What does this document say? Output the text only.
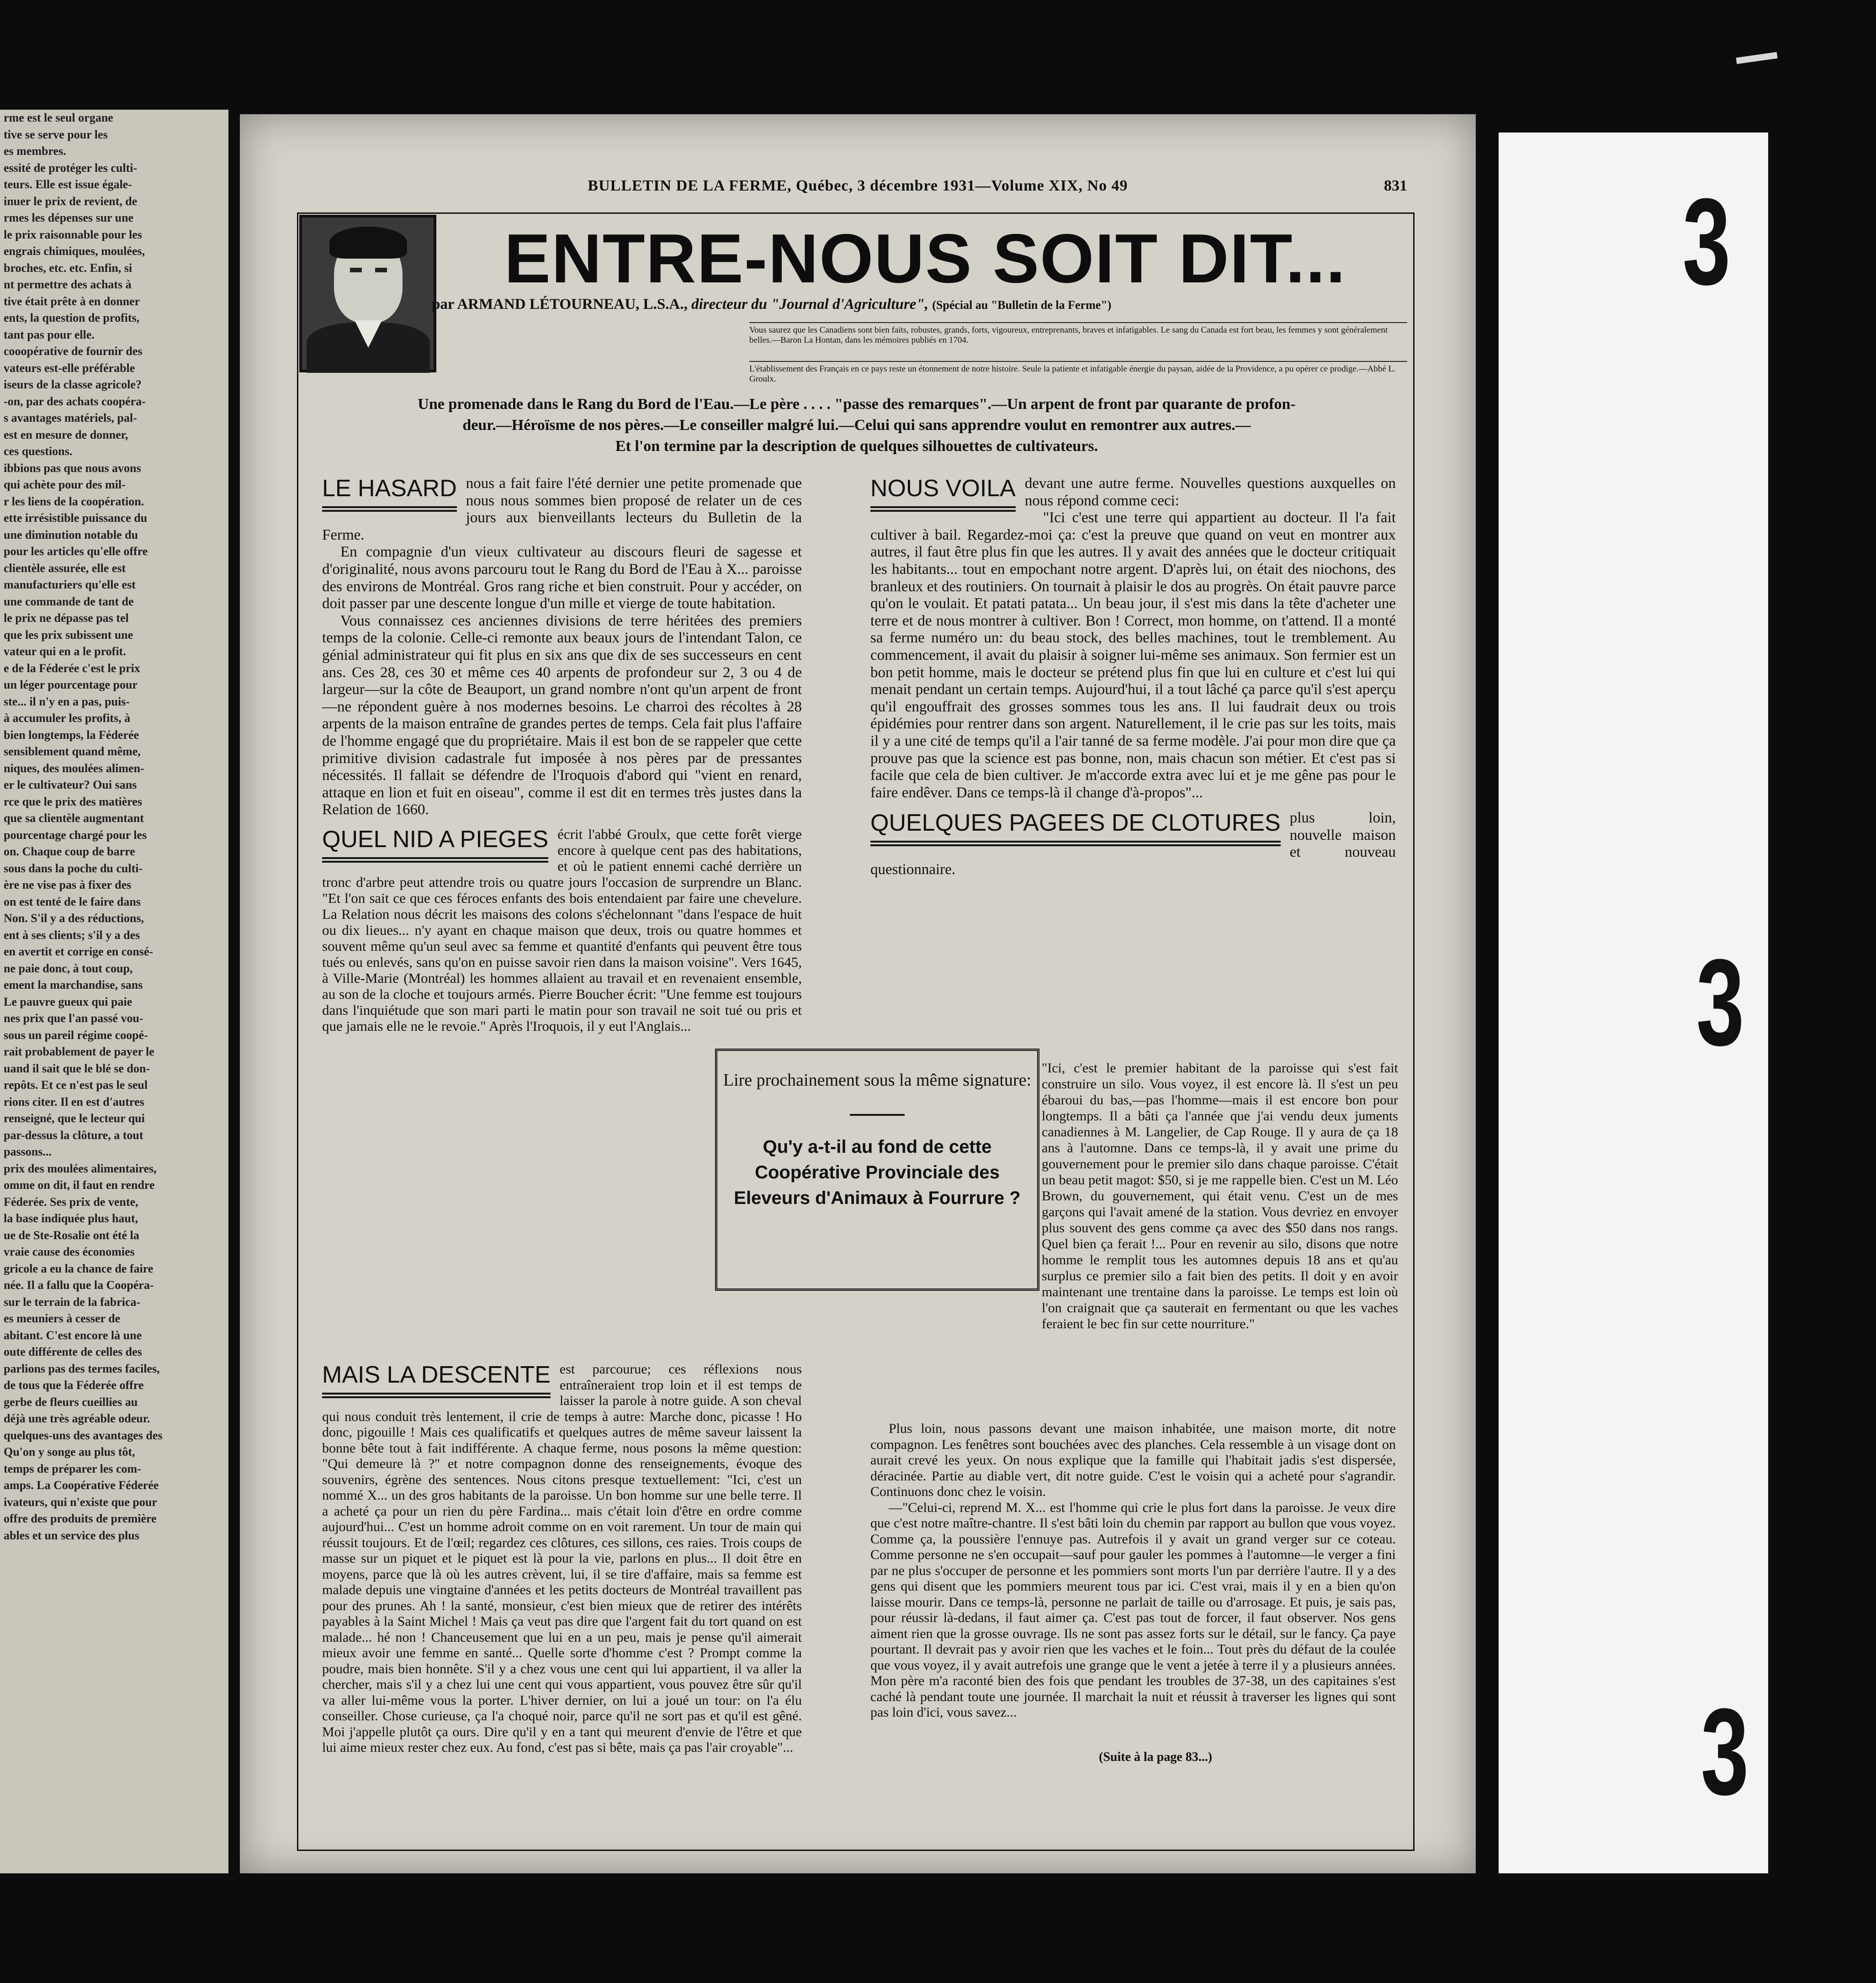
rme est le seul organe

tive se serve pour les

es membres.

essité de protéger les culti-

teurs. Elle est issue égale-

inuer le prix de revient, de

rmes les dépenses sur une

le prix raisonnable pour les

engrais chimiques, moulées,

broches, etc. etc. Enfin, si

nt permettre des achats à

tive était prête à en donner

ents, la question de profits,

tant pas pour elle.

cooopérative de fournir des

vateurs est-elle préférable

iseurs de la classe agricole?

-on, par des achats coopéra-

s avantages matériels, pal-

est en mesure de donner,

ces questions.

ibbions pas que nous avons

qui achète pour des mil-

r les liens de la coopération.

ette irrésistible puissance du

une diminution notable du

pour les articles qu'elle offre

clientèle assurée, elle est

manufacturiers qu'elle est

une commande de tant de

le prix ne dépasse pas tel

que les prix subissent une

vateur qui en a le profit.

e de la Féderée c'est le prix

un léger pourcentage pour

ste... il n'y en a pas, puis-

à accumuler les profits, à

bien longtemps, la Féderée

sensiblement quand même,

niques, des moulées alimen-

er le cultivateur? Oui sans

rce que le prix des matières

que sa clientèle augmentant

pourcentage chargé pour les

on. Chaque coup de barre

sous dans la poche du culti-

ère ne vise pas à fixer des

on est tenté de le faire dans

Non. S'il y a des réductions,

ent à ses clients; s'il y a des

en avertit et corrige en consé-

ne paie donc, à tout coup,

ement la marchandise, sans

Le pauvre gueux qui paie

nes prix que l'an passé vou-

sous un pareil régime coopé-

rait probablement de payer le

uand il sait que le blé se don-

repôts. Et ce n'est pas le seul

rions citer. Il en est d'autres

renseigné, que le lecteur qui

par-dessus la clôture, a tout

passons...

prix des moulées alimentaires,

omme on dit, il faut en rendre

Féderée. Ses prix de vente,

la base indiquée plus haut,

ue de Ste-Rosalie ont été la

vraie cause des économies

gricole a eu la chance de faire

née. Il a fallu que la Coopéra-

sur le terrain de la fabrica-

es meuniers à cesser de

abitant. C'est encore là une

oute différente de celles des

parlions pas des termes faciles,

de tous que la Féderée offre

gerbe de fleurs cueillies au

déjà une très agréable odeur.

quelques-uns des avantages des

Qu'on y songe au plus tôt,

temps de préparer les com-

amps. La Coopérative Féderée

ivateurs, qui n'existe que pour

offre des produits de première

ables et un service des plus

BULLETIN DE LA FERME, Québec, 3 décembre 1931—Volume XIX, No 49	831
ENTRE-NOUS SOIT DIT...
par ARMAND LÉTOURNEAU, L.S.A., directeur du "Journal d'Agriculture", (Spécial au "Bulletin de la Ferme")
Vous saurez que les Canadiens sont bien faits, robustes, grands, forts, vigoureux, entreprenants, braves et infatigables. Le sang du Canada est fort beau, les femmes y sont généralement belles.—Baron La Hontan, dans les mémoires publiés en 1704.
L'établissement des Français en ce pays reste un étonnement de notre histoire. Seule la patiente et infatigable énergie du paysan, aidée de la Providence, a pu opérer ce prodige.—Abbé L. Groulx.
Une promenade dans le Rang du Bord de l'Eau.—Le père . . . . "passe des remarques".—Un arpent de front par quarante de profon-
deur.—Héroïsme de nos pères.—Le conseiller malgré lui.—Celui qui sans apprendre voulut en remontrer aux autres.—
Et l'on termine par la description de quelques silhouettes de cultivateurs.
LE HASARD nous a fait faire l'été dernier une petite promenade que nous nous sommes bien proposé de relater un de ces jours aux bienveillants lecteurs du Bulletin de la Ferme.

En compagnie d'un vieux cultivateur au discours fleuri de sagesse et d'originalité, nous avons parcouru tout le Rang du Bord de l'Eau à X... paroisse des environs de Montréal. Gros rang riche et bien construit. Pour y accéder, on doit passer par une descente longue d'un mille et vierge de toute habitation.

Vous connaissez ces anciennes divisions de terre héritées des premiers temps de la colonie. Celle-ci remonte aux beaux jours de l'intendant Talon, ce génial administrateur qui fit plus en six ans que dix de ses successeurs en cent ans. Ces 28, ces 30 et même ces 40 arpents de profondeur sur 2, 3 ou 4 de largeur—sur la côte de Beauport, un grand nombre n'ont qu'un arpent de front—ne répondent guère à nos modernes besoins. Le charroi des récoltes à 28 arpents de la maison entraîne de grandes pertes de temps. Cela fait plus l'affaire de l'homme engagé que du propriétaire. Mais il est bon de se rappeler que cette primitive division cadastrale fut imposée à nos pères par de pressantes nécessités. Il fallait se défendre de l'Iroquois d'abord qui "vient en renard, attaque en lion et fuit en oiseau", comme il est dit en termes très justes dans la Relation de 1660.

QUEL NID A PIEGES écrit l'abbé Groulx, que cette forêt vierge encore à quelque cent pas des habitations, et où le patient ennemi caché derrière un tronc d'arbre peut attendre trois ou quatre jours l'occasion de surprendre un Blanc. "Et l'on sait ce que ces féroces enfants des bois entendaient par faire une chevelure. La Relation nous décrit les maisons des colons s'échelonnant "dans l'espace de huit ou dix lieues... n'y ayant en chaque maison que deux, trois ou quatre hommes et souvent même qu'un seul avec sa femme et quantité d'enfants qui peuvent être tous tués ou enlevés, sans qu'on en puisse savoir rien dans la maison voisine". Vers 1645, à Ville-Marie (Montréal) les hommes allaient au travail et en revenaient ensemble, au son de la cloche et toujours armés. Pierre Boucher écrit: "Une femme est toujours dans l'inquiétude que son mari parti le matin pour son travail ne soit tué ou pris et que jamais elle ne le revoie." Après l'Iroquois, il y eut l'Anglais...

NOUS VOILA devant une autre ferme. Nouvelles questions auxquelles on nous répond comme ceci:

"Ici c'est une terre qui appartient au docteur. Il l'a fait cultiver à bail. Regardez-moi ça: c'est la preuve que quand on veut en montrer aux autres, il faut être plus fin que les autres. Il y avait des années que le docteur critiquait les habitants... tout en empochant notre argent. D'après lui, on était des niochons, des branleux et des routiniers. On tournait à plaisir le dos au progrès. On était pauvre parce qu'on le voulait. Et patati patata... Un beau jour, il s'est mis dans la tête d'acheter une terre et de nous montrer à cultiver. Bon ! Correct, mon homme, on t'attend. Il a monté sa ferme numéro un: du beau stock, des belles machines, tout le tremblement. Au commencement, il avait du plaisir à soigner lui-même ses animaux. Son fermier est un bon petit homme, mais le docteur se prétend plus fin que lui en culture et c'est lui qui menait pendant un certain temps. Aujourd'hui, il a tout lâché ça parce qu'il s'est aperçu qu'il engouffrait des grosses sommes tous les ans. Il lui faudrait deux ou trois épidémies pour rentrer dans son argent. Naturellement, il le crie pas sur les toits, mais il y a une cité de temps qu'il a l'air tanné de sa ferme modèle. J'ai pour mon dire que ça prouve pas que la science est pas bonne, non, mais chacun son métier. Et c'est pas si facile que cela de bien cultiver. Je m'accorde extra avec lui et je me gêne pas pour le faire endêver. Dans ce temps-là il change d'à-propos"...

QUELQUES PAGEES DE CLOTURES plus loin, nouvelle maison et nouveau questionnaire.

Lire prochainement sous la même signature:
Qu'y a-t-il au fond de cette Coopérative Provinciale des Eleveurs d'Animaux à Fourrure ?
MAIS LA DESCENTE est parcourue; ces réflexions nous entraîneraient trop loin et il est temps de laisser la parole à notre guide. A son cheval qui nous conduit très lentement, il crie de temps à autre: Marche donc, picasse ! Ho donc, pigouille ! Mais ces qualificatifs et quelques autres de même saveur laissent la bonne bête tout à fait indifférente. A chaque ferme, nous posons la même question: "Qui demeure là ?" et notre compagnon donne des renseignements, évoque des souvenirs, égrène des sentences. Nous citons presque textuellement: "Ici, c'est un nommé X... un des gros habitants de la paroisse. Un bon homme sur une belle terre. Il a acheté ça pour un rien du père Fardina... mais c'était loin d'être en ordre comme aujourd'hui... C'est un homme adroit comme on en voit rarement. Un tour de main qui réussit toujours. Et de l'œil; regardez ces clôtures, ces sillons, ces raies. Trois coups de masse sur un piquet et le piquet est là pour la vie, parlons en plus... Il doit être en moyens, parce que là où les autres crèvent, lui, il se tire d'affaire, mais sa femme est malade depuis une vingtaine d'années et les petits docteurs de Montréal travaillent pas pour des prunes. Ah ! la santé, monsieur, c'est bien mieux que de retirer des intérêts payables à la Saint Michel ! Mais ça veut pas dire que l'argent fait du tort quand on est malade... hé non ! Chanceusement que lui en a un peu, mais je pense qu'il aimerait mieux avoir une femme en santé... Quelle sorte d'homme c'est ? Prompt comme la poudre, mais bien honnête. S'il y a chez vous une cent qui lui appartient, il va aller la chercher, mais s'il y a chez lui une cent qui vous appartient, vous pouvez être sûr qu'il va aller lui-même vous la porter. L'hiver dernier, on lui a joué un tour: on l'a élu conseiller. Chose curieuse, ça l'a choqué noir, parce qu'il ne sort pas et qu'il est gêné. Moi j'appelle plutôt ça ours. Dire qu'il y en a tant qui meurent d'envie de l'être et que lui aime mieux rester chez eux. Au fond, c'est pas si bête, mais ça pas l'air croyable"...

"Ici, c'est le premier habitant de la paroisse qui s'est fait construire un silo. Vous voyez, il est encore là. Il s'est un peu ébaroui du bas,—pas l'homme—mais il est encore bon pour longtemps. Il a bâti ça l'année que j'ai vendu deux juments canadiennes à M. Langelier, de Cap Rouge. Il y aura de ça 18 ans à l'automne. Dans ce temps-là, il y avait une prime du gouvernement pour le premier silo dans chaque paroisse. C'était un beau petit magot: $50, si je me rappelle bien. C'est un M. Léo Brown, du gouvernement, qui était venu. C'est un de mes garçons qui l'avait amené de la station. Vous devriez en envoyer plus souvent des gens comme ça avec des $50 dans nos rangs. Quel bien ça ferait !... Pour en revenir au silo, disons que notre homme le remplit tous les automnes depuis 18 ans et qu'au surplus ce premier silo a fait bien des petits. Il doit y en avoir maintenant une trentaine dans la paroisse. Le temps est loin où l'on craignait que ça sauterait en fermentant ou que les vaches feraient le bec fin sur cette nourriture."

Plus loin, nous passons devant une maison inhabitée, une maison morte, dit notre compagnon. Les fenêtres sont bouchées avec des planches. Cela ressemble à un visage dont on aurait crevé les yeux. On nous explique que la famille qui l'habitait jadis s'est dispersée, déracinée. Partie au diable vert, dit notre guide. C'est le voisin qui a acheté pour s'agrandir. Continuons donc chez le voisin.

—"Celui-ci, reprend M. X... est l'homme qui crie le plus fort dans la paroisse. Je veux dire que c'est notre maître-chantre. Il s'est bâti loin du chemin par rapport au bullon que vous voyez. Comme ça, la poussière l'ennuye pas. Autrefois il y avait un grand verger sur ce coteau. Comme personne ne s'en occupait—sauf pour gauler les pommes à l'automne—le verger a fini par ne plus s'occuper de personne et les pommiers sont morts l'un par derrière l'autre. Il y a des gens qui disent que les pommiers meurent tous par ici. C'est vrai, mais il y en a bien qu'on laisse mourir. Dans ce temps-là, personne ne parlait de taille ou d'arrosage. Et puis, je sais pas, pour réussir là-dedans, il faut aimer ça. C'est pas tout de forcer, il faut observer. Nos gens aiment rien que la grosse ouvrage. Ils ne sont pas assez forts sur le détail, sur le fancy. Ça paye pourtant. Il devrait pas y avoir rien que les vaches et le foin... Tout près du défaut de la coulée que vous voyez, il y avait autrefois une grange que le vent a jetée à terre il y a plusieurs années. Mon père m'a raconté bien des fois que pendant les troubles de 37-38, un des capitaines s'est caché là pendant toute une journée. Il marchait la nuit et réussit à traverser les lignes qui sont pas loin d'ici, vous savez...

(Suite à la page 83...)
3
3
3
